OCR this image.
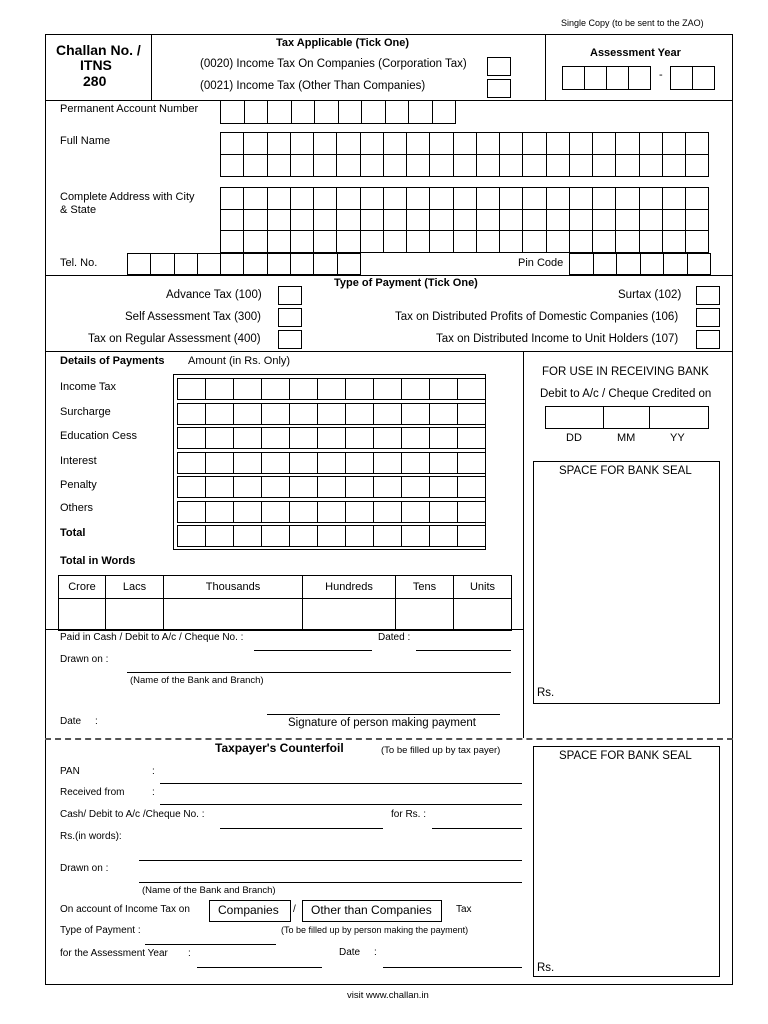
Single Copy (to be sent to the ZAO)
Challan No. /
ITNS
280
Tax Applicable (Tick One)
(0020) Income Tax On Companies (Corporation Tax)
(0021) Income Tax (Other Than Companies)
Assessment Year
-
Permanent Account Number
Full Name
Complete Address with City
& State
Tel. No.	Pin Code
Type of Payment (Tick One)
Advance Tax (100)
Self Assessment Tax (300)
Tax on Regular Assessment (400)
Surtax (102)
Tax on Distributed Profits of Domestic Companies (106)
Tax on Distributed Income to Unit Holders (107)
Details of Payments Amount (in Rs. Only)
Income Tax
Surcharge
Education Cess
Interest
Penalty
Others
Total
Total in Words
Crore	Lacs	Thousands	Hundreds	Tens	Units

Paid in Cash / Debit to A/c / Cheque No. :	Dated :
Drawn on :
(Name of the Bank and Branch)
Date :	Signature of person making payment
FOR USE IN RECEIVING BANK
Debit to A/c / Cheque Credited on
DD	MM	YY
SPACE FOR BANK SEAL
Rs.
Taxpayer's Counterfoil	(To be filled up by tax payer)
PAN	:
Received from	:
Cash/ Debit to A/c /Cheque No. :	for Rs. :
Rs.(in words):
Drawn on :
(Name of the Bank and Branch)
On account of Income Tax on	Companies	/	Other than Companies	Tax
Type of Payment :	(To be filled up by person making the payment)
for the Assessment Year :	Date :
SPACE FOR BANK SEAL
Rs.
visit www.challan.in
